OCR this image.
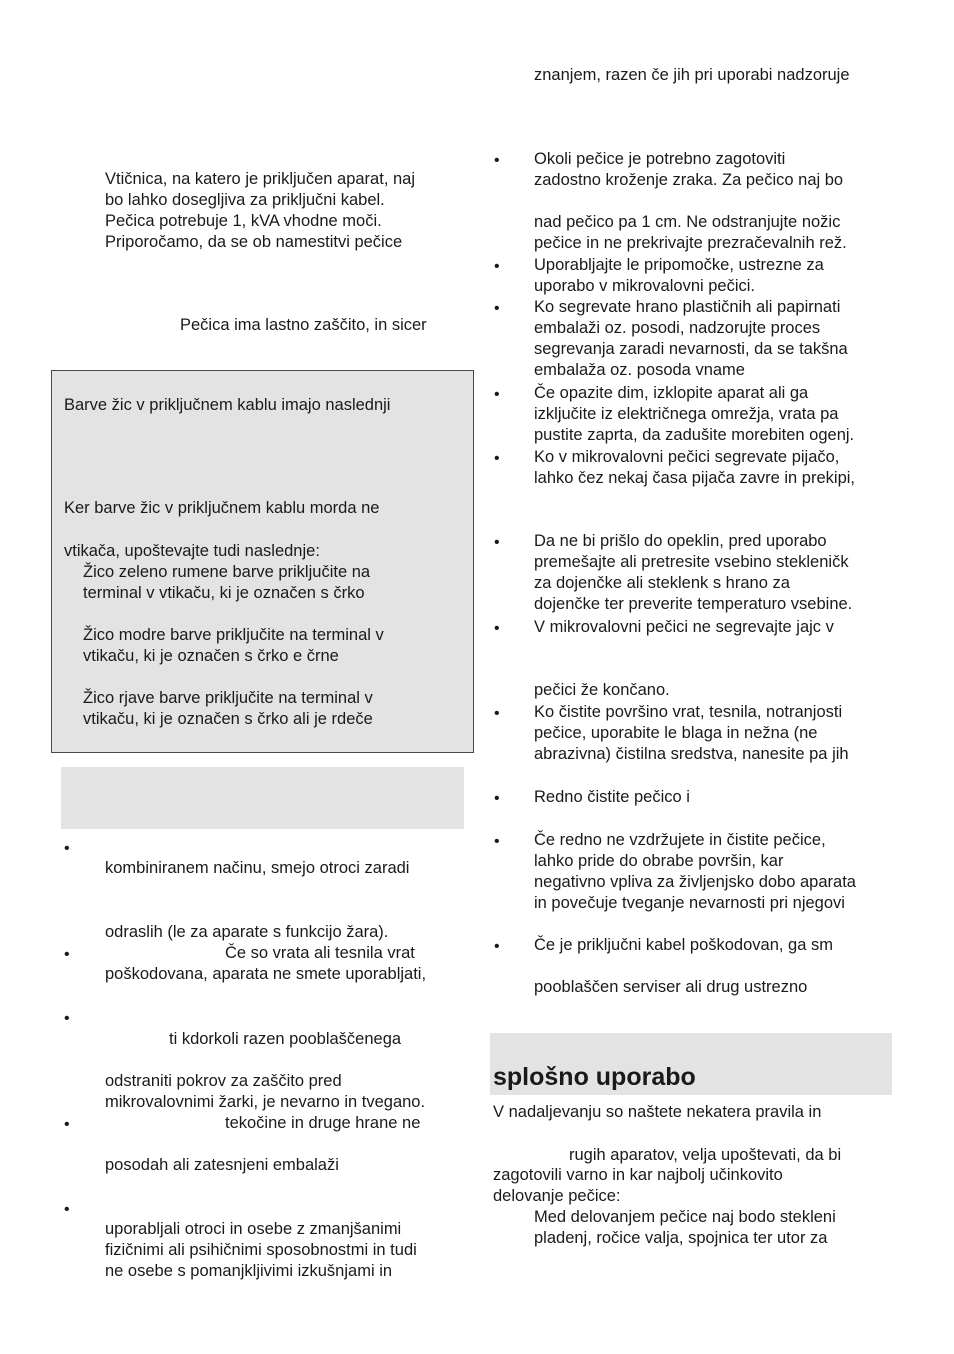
Vtičnica, na katero je priključen aparat, naj
bo lahko dosegljiva za priključni kabel.
Pečica potrebuje 1, kVA vhodne moči.
Priporočamo, da se ob namestitvi pečice
Pečica ima lastno zaščito, in sicer
Barve žic v priključnem kablu imajo naslednji
Ker barve žic v priključnem kablu morda ne
vtikača, upoštevajte tudi naslednje:
Žico zeleno rumene barve priključite na
terminal v vtikaču, ki je označen s črko
Žico modre barve priključite na terminal v
vtikaču, ki je označen s črko e črne
Žico rjave barve priključite na terminal v
vtikaču, ki je označen s črko ali je rdeče
•
kombiniranem načinu, smejo otroci zaradi
odraslih (le za aparate s funkcijo žara).
•	Če so vrata ali tesnila vrat
poškodovana, aparata ne smete uporabljati,
•
ti kdorkoli razen pooblaščenega
odstraniti pokrov za zaščito pred
mikrovalovnimi žarki, je nevarno in tvegano.
•	tekočine in druge hrane ne
posodah ali zatesnjeni embalaži
•
uporabljali otroci in osebe z zmanjšanimi
fizičnimi ali psihičnimi sposobnostmi in tudi
ne osebe s pomanjkljivimi izkušnjami in
znanjem, razen če jih pri uporabi nadzoruje
• Okoli pečice je potrebno zagotoviti
zadostno kroženje zraka. Za pečico naj bo
nad pečico pa 1 cm. Ne odstranjujte nožic
pečice in ne prekrivajte prezračevalnih rež.
• Uporabljajte le pripomočke, ustrezne za
uporabo v mikrovalovni pečici.
• Ko segrevate hrano plastičnih ali papirnati
embalaži oz. posodi, nadzorujte proces
segrevanja zaradi nevarnosti, da se takšna
embalaža oz. posoda vname
• Če opazite dim, izklopite aparat ali ga
izključite iz električnega omrežja, vrata pa
pustite zaprta, da zadušite morebiten ogenj.
• Ko v mikrovalovni pečici segrevate pijačo,
lahko čez nekaj časa pijača zavre in prekipi,
• Da ne bi prišlo do opeklin, pred uporabo
premešajte ali pretresite vsebino stekleničk
za dojenčke ali steklenk s hrano za
dojenčke ter preverite temperaturo vsebine.
• V mikrovalovni pečici ne segrevajte jajc v
pečici že končano.
• Ko čistite površino vrat, tesnila, notranjosti
pečice, uporabite le blaga in nežna (ne
abrazivna) čistilna sredstva, nanesite pa jih
• Redno čistite pečico i
• Če redno ne vzdržujete in čistite pečice,
lahko pride do obrabe površin, kar
negativno vpliva za življenjsko dobo aparata
in povečuje tveganje nevarnosti pri njegovi
• Če je priključni kabel poškodovan, ga sm
pooblaščen serviser ali drug ustrezno
splošno uporabo
V nadaljevanju so naštete nekatera pravila in
rugih aparatov, velja upoštevati, da bi
zagotovili varno in kar najbolj učinkovito
delovanje pečice:
Med delovanjem pečice naj bodo stekleni
pladenj, ročice valja, spojnica ter utor za
